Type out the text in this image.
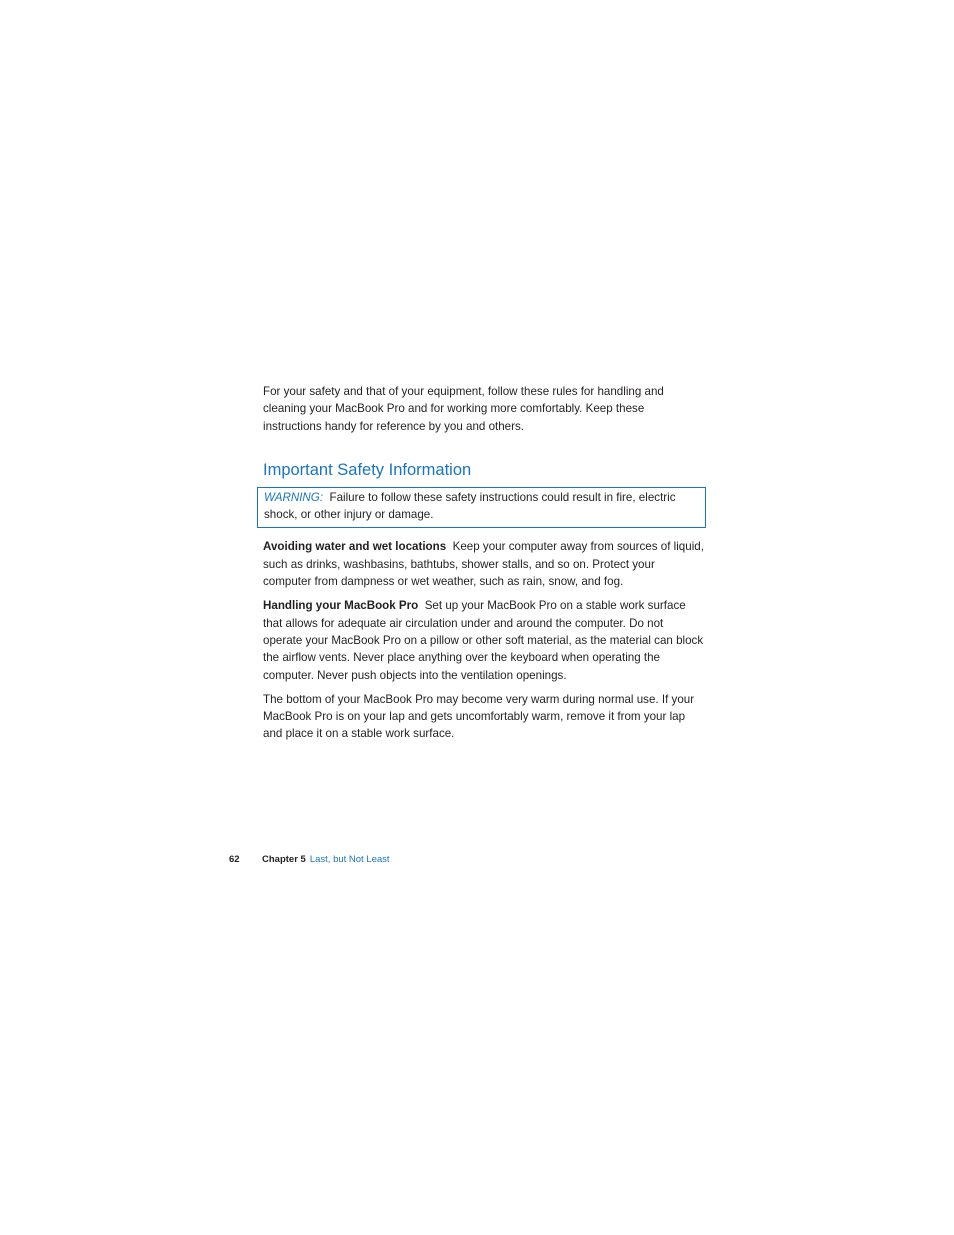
For your safety and that of your equipment, follow these rules for handling and cleaning your MacBook Pro and for working more comfortably. Keep these instructions handy for reference by you and others.

Important Safety Information

WARNING: Failure to follow these safety instructions could result in fire, electric shock, or other injury or damage.

Avoiding water and wet locations Keep your computer away from sources of liquid, such as drinks, washbasins, bathtubs, shower stalls, and so on. Protect your computer from dampness or wet weather, such as rain, snow, and fog.

Handling your MacBook Pro Set up your MacBook Pro on a stable work surface that allows for adequate air circulation under and around the computer. Do not operate your MacBook Pro on a pillow or other soft material, as the material can block the airflow vents. Never place anything over the keyboard when operating the computer. Never push objects into the ventilation openings.

The bottom of your MacBook Pro may become very warm during normal use. If your MacBook Pro is on your lap and gets uncomfortably warm, remove it from your lap and place it on a stable work surface.

62 Chapter 5 Last, but Not Least
